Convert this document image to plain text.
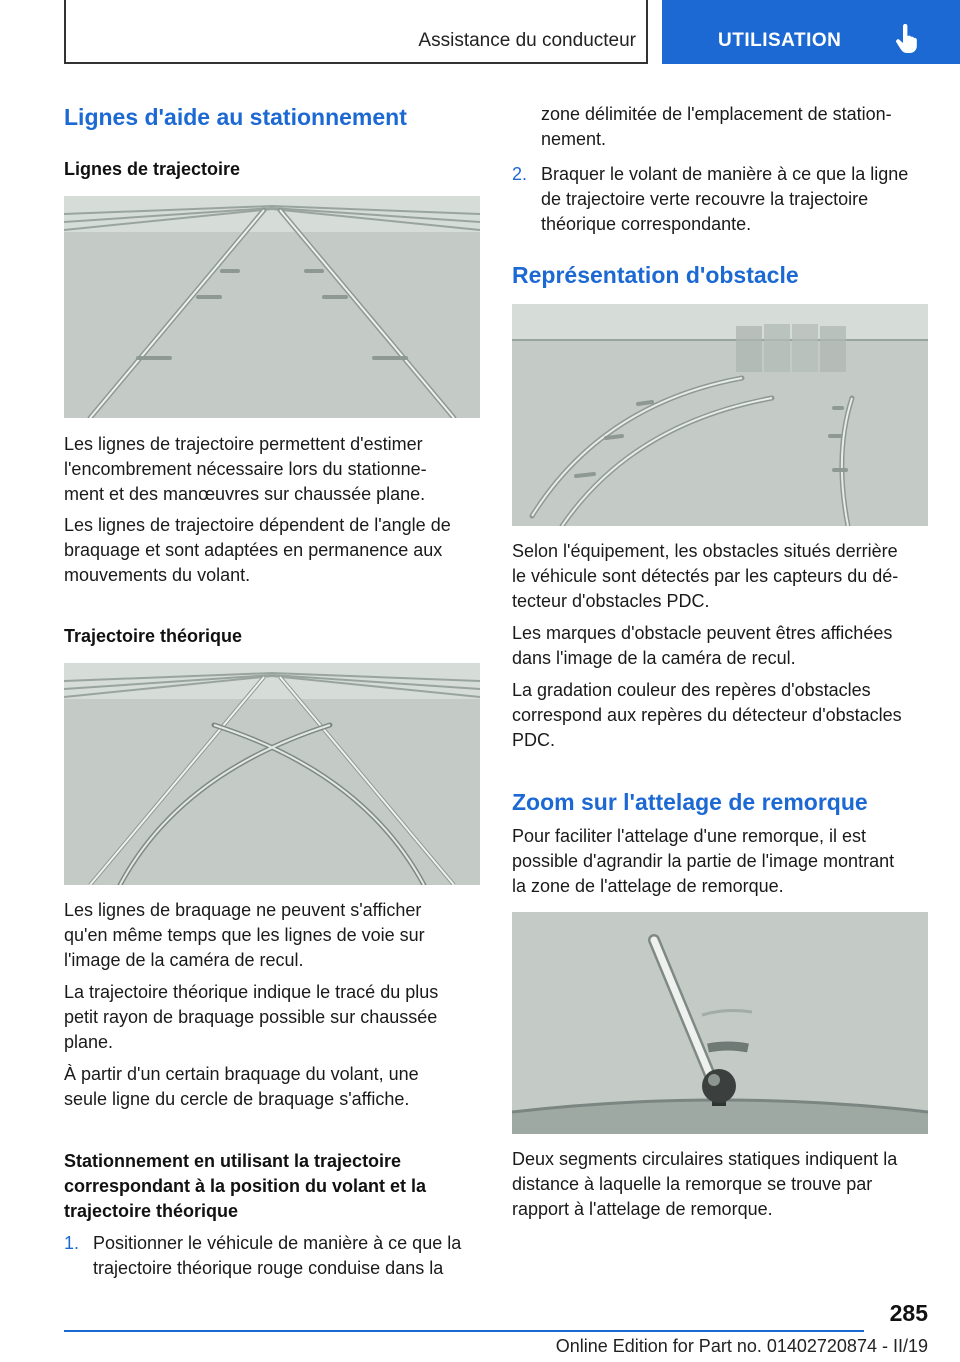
Assistance du conducteur	UTILISATION
Lignes d'aide au stationnement
Lignes de trajectoire
Les lignes de trajectoire permettent d'estimer
l'encombrement nécessaire lors du stationne-
ment et des manœuvres sur chaussée plane.
Les lignes de trajectoire dépendent de l'angle de
braquage et sont adaptées en permanence aux
mouvements du volant.
Trajectoire théorique
Les lignes de braquage ne peuvent s'afficher
qu'en même temps que les lignes de voie sur
l'image de la caméra de recul.
La trajectoire théorique indique le tracé du plus
petit rayon de braquage possible sur chaussée
plane.
À partir d'un certain braquage du volant, une
seule ligne du cercle de braquage s'affiche.
Stationnement en utilisant la trajectoire
correspondant à la position du volant et la
trajectoire théorique
1. Positionner le véhicule de manière à ce que la
trajectoire théorique rouge conduise dans la
zone délimitée de l'emplacement de station-
nement.
2. Braquer le volant de manière à ce que la ligne
de trajectoire verte recouvre la trajectoire
théorique correspondante.
Représentation d'obstacle
Selon l'équipement, les obstacles situés derrière
le véhicule sont détectés par les capteurs du dé-
tecteur d'obstacles PDC.
Les marques d'obstacle peuvent êtres affichées
dans l'image de la caméra de recul.
La gradation couleur des repères d'obstacles
correspond aux repères du détecteur d'obstacles
PDC.
Zoom sur l'attelage de remorque
Pour faciliter l'attelage d'une remorque, il est
possible d'agrandir la partie de l'image montrant
la zone de l'attelage de remorque.
Deux segments circulaires statiques indiquent la
distance à laquelle la remorque se trouve par
rapport à l'attelage de remorque.
285
Online Edition for Part no. 01402720874 - II/19
